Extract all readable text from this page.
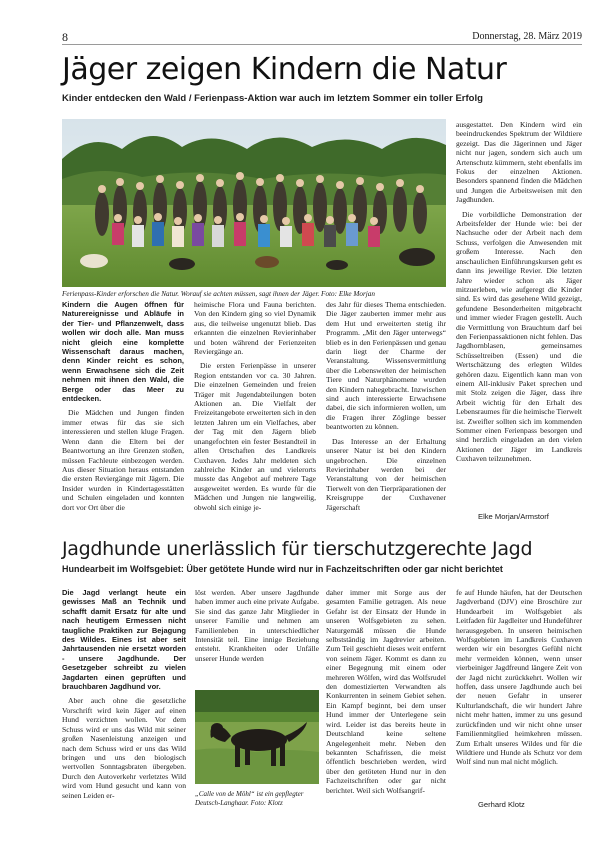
8	Donnerstag, 28. März 2019
Jäger zeigen Kindern die Natur
Kinder entdecken den Wald / Ferienpass-Aktion war auch im letztem Sommer ein toller Erfolg
Ferienpass-Kinder erforschen die Natur. Worauf sie achten müssen, sagt ihnen der Jäger. Foto: Elke Morjan

Kindern die Augen öffnen für Naturereignisse und Abläufe in der Tier- und Pflanzenwelt, dass wollen wir doch alle. Man muss nicht gleich eine komplette Wissenschaft daraus machen, denn Kinder reicht es schon, wenn Erwachsene sich die Zeit nehmen mit ihnen den Wald, die Berge oder das Meer zu entdecken.

Die Mädchen und Jungen finden immer etwas für das sie sich interessieren und stellen kluge Fragen. Wenn dann die Eltern bei der Beantwortung an ihre Grenzen stoßen, müssen Fachleute einbezogen werden. Aus dieser Situation heraus entstanden die ersten Reviergänge mit Jägern. Die Insider wurden in Kindertagesstätten und Schulen eingeladen und konnten dort vor Ort über die

heimische Flora und Fauna berichten. Von den Kindern ging so viel Dynamik aus, die teilweise ungenutzt blieb. Das erkannten die einzelnen Revierinhaber und boten während der Ferienzeiten Reviergänge an.

Die ersten Ferienpässe in unserer Region entstanden vor ca. 30 Jahren. Die einzelnen Gemeinden und freien Träger mit Jugendabteilungen boten Aktionen an. Die Vielfalt der Freizeitangebote erweiterten sich in den letzten Jahren um ein Vielfaches, aber der Tag mit den Jägern blieb unangefochten ein fester Bestandteil in allen Ortschaften des Landkreis Cuxhaven. Jedes Jahr meldeten sich zahlreiche Kinder an und vielerorts musste das Angebot auf mehrere Tage ausgeweitet werden. Es wurde für die Mädchen und Jungen nie langweilig, obwohl sich einige je-

des Jahr für dieses Thema entschieden. Die Jäger zauberten immer mehr aus dem Hut und erweiterten stetig ihr Programm. „Mit den Jäger unterwegs“ blieb es in den Ferienpässen und genau darin liegt der Charme der Veranstaltung. Wissensvermittlung über die Lebenswelten der heimischen Tiere und Naturphänomene wurden den Kindern nahegebracht. Inzwischen sind auch interessierte Erwachsene dabei, die sich informieren wollen, um die Fragen ihrer Zöglinge besser beantworten zu können.

Das Interesse an der Erhaltung unserer Natur ist bei den Kindern ungebrochen. Die einzelnen Revierinhaber werden bei der Veranstaltung von der heimischen Tierwelt von den Tierpräparationen der Kreisgruppe der Cuxhavener Jägerschaft

ausgestattet. Den Kindern wird ein beeindruckendes Spektrum der Wildtiere gezeigt. Das die Jägerinnen und Jäger nicht nur jagen, sondern sich auch um Artenschutz kümmern, steht ebenfalls im Fokus der einzelnen Aktionen. Besonders spannend finden die Mädchen und Jungen die Arbeitsweisen mit den Jagdhunden.

Die vorbildliche Demonstration der Arbeitsfelder der Hunde wie: bei der Nachsuche oder der Arbeit nach dem Schuss, verfolgen die Anwesenden mit großem Interesse. Nach den anschaulichen Einführungskursen geht es dann ins jeweilige Revier. Die letzten Jahre wieder schon als Jäger mitzuerleben, wie aufgeregt die Kinder sind. Es wird das gesehene Wild gezeigt, gefundene Besonderheiten mitgebracht und immer wieder Fragen gestellt. Auch die Vermittlung von Brauchtum darf bei den Ferienpassaktionen nicht fehlen. Das Jagdhornblasen, gemeinsames Schüsseltreiben (Essen) und die Wertschätzung des erlegten Wildes gehören dazu. Eigentlich kann man von einem All-inklusiv Paket sprechen und mit Stolz zeigen die Jäger, dass ihre Arbeit wichtig für den Erhalt des Lebensraumes für die heimische Tierwelt ist. Zweifler sollten sich im kommenden Sommer einen Ferienpass besorgen und sind herzlich eingeladen an den vielen Aktionen der Jäger im Landkreis Cuxhaven teilzunehmen.

Elke Morjan/Armstorf
Jagdhunde unerlässlich für tierschutzgerechte Jagd
Hundearbeit im Wolfsgebiet: Über getötete Hunde wird nur in Fachzeitschriften oder gar nicht berichtet

Die Jagd verlangt heute ein gewisses Maß an Technik und schafft damit Ersatz für alte und nach heutigem Ermessen nicht taugliche Praktiken zur Bejagung des Wildes. Eines ist aber seit Jahrtausenden nie ersetzt worden - unsere Jagdhunde. Der Gesetzgeber schreibt zu vielen Jagdarten einen geprüften und brauchbaren Jagdhund vor.

Aber auch ohne die gesetzliche Vorschrift wird kein Jäger auf einen Hund verzichten wollen. Vor dem Schuss wird er uns das Wild mit seiner großen Nasenleistung anzeigen und nach dem Schuss wird er uns das Wild bringen und uns den biologisch wertvollen Sonntagsbraten übergeben. Durch den Autoverkehr verletztes Wild wird vom Hund gesucht und kann von seinen Leiden er-

löst werden. Aber unsere Jagdhunde haben immer auch eine private Aufgabe. Sie sind das ganze Jahr Mitglieder in unserer Familie und nehmen am Familienleben in unterschiedlicher Intensität teil. Eine innige Beziehung entsteht. Krankheiten oder Unfälle unserer Hunde werden

„Calle von de Möhl“ ist ein gepflegter Deutsch-Langhaar. Foto: Klotz

daher immer mit Sorge aus der gesamten Familie getragen. Als neue Gefahr ist der Einsatz der Hunde in unseren Wolfsgebieten zu sehen. Naturgemäß müssen die Hunde selbstständig im Jagdrevier arbeiten. Zum Teil geschieht dieses weit entfernt von seinem Jäger. Kommt es dann zu einer Begegnung mit einem oder mehreren Wölfen, wird das Wolfsrudel den domestizierten Verwandten als Konkurrenten in seinem Gebiet sehen. Ein Kampf beginnt, bei dem unser Hund immer der Unterlegene sein wird. Leider ist das bereits heute in Deutschland keine seltene Angelegenheit mehr. Neben den bekannten Schafrissen, die meist öffentlich beschrieben werden, wird über den getöteten Hund nur in den Fachzeitschriften oder gar nicht berichtet. Weil sich Wolfsangrif-

fe auf Hunde häufen, hat der Deutschen Jagdverband (DJV) eine Broschüre zur Hundearbeit im Wolfsgebiet als Leitfaden für Jagdleiter und Hundeführer herausgegeben. In unseren heimischen Wolfsgebieten im Landkreis Cuxhaven werden wir ein besorgtes Gefühl nicht mehr vermeiden können, wenn unser vierbeiniger Jagdfreund längere Zeit von der Jagd nicht zurückkehrt. Wollen wir hoffen, dass unsere Jagdhunde auch bei der neuen Gefahr in unserer Kulturlandschaft, die wir hundert Jahre nicht mehr hatten, immer zu uns gesund zurückfinden und wir nicht ohne unser Familienmitglied heimkehren müssen. Zum Erhalt unseres Wildes und für die Wildtiere und Hunde als Schutz vor dem Wolf sind nun mal nicht möglich.

Gerhard Klotz
